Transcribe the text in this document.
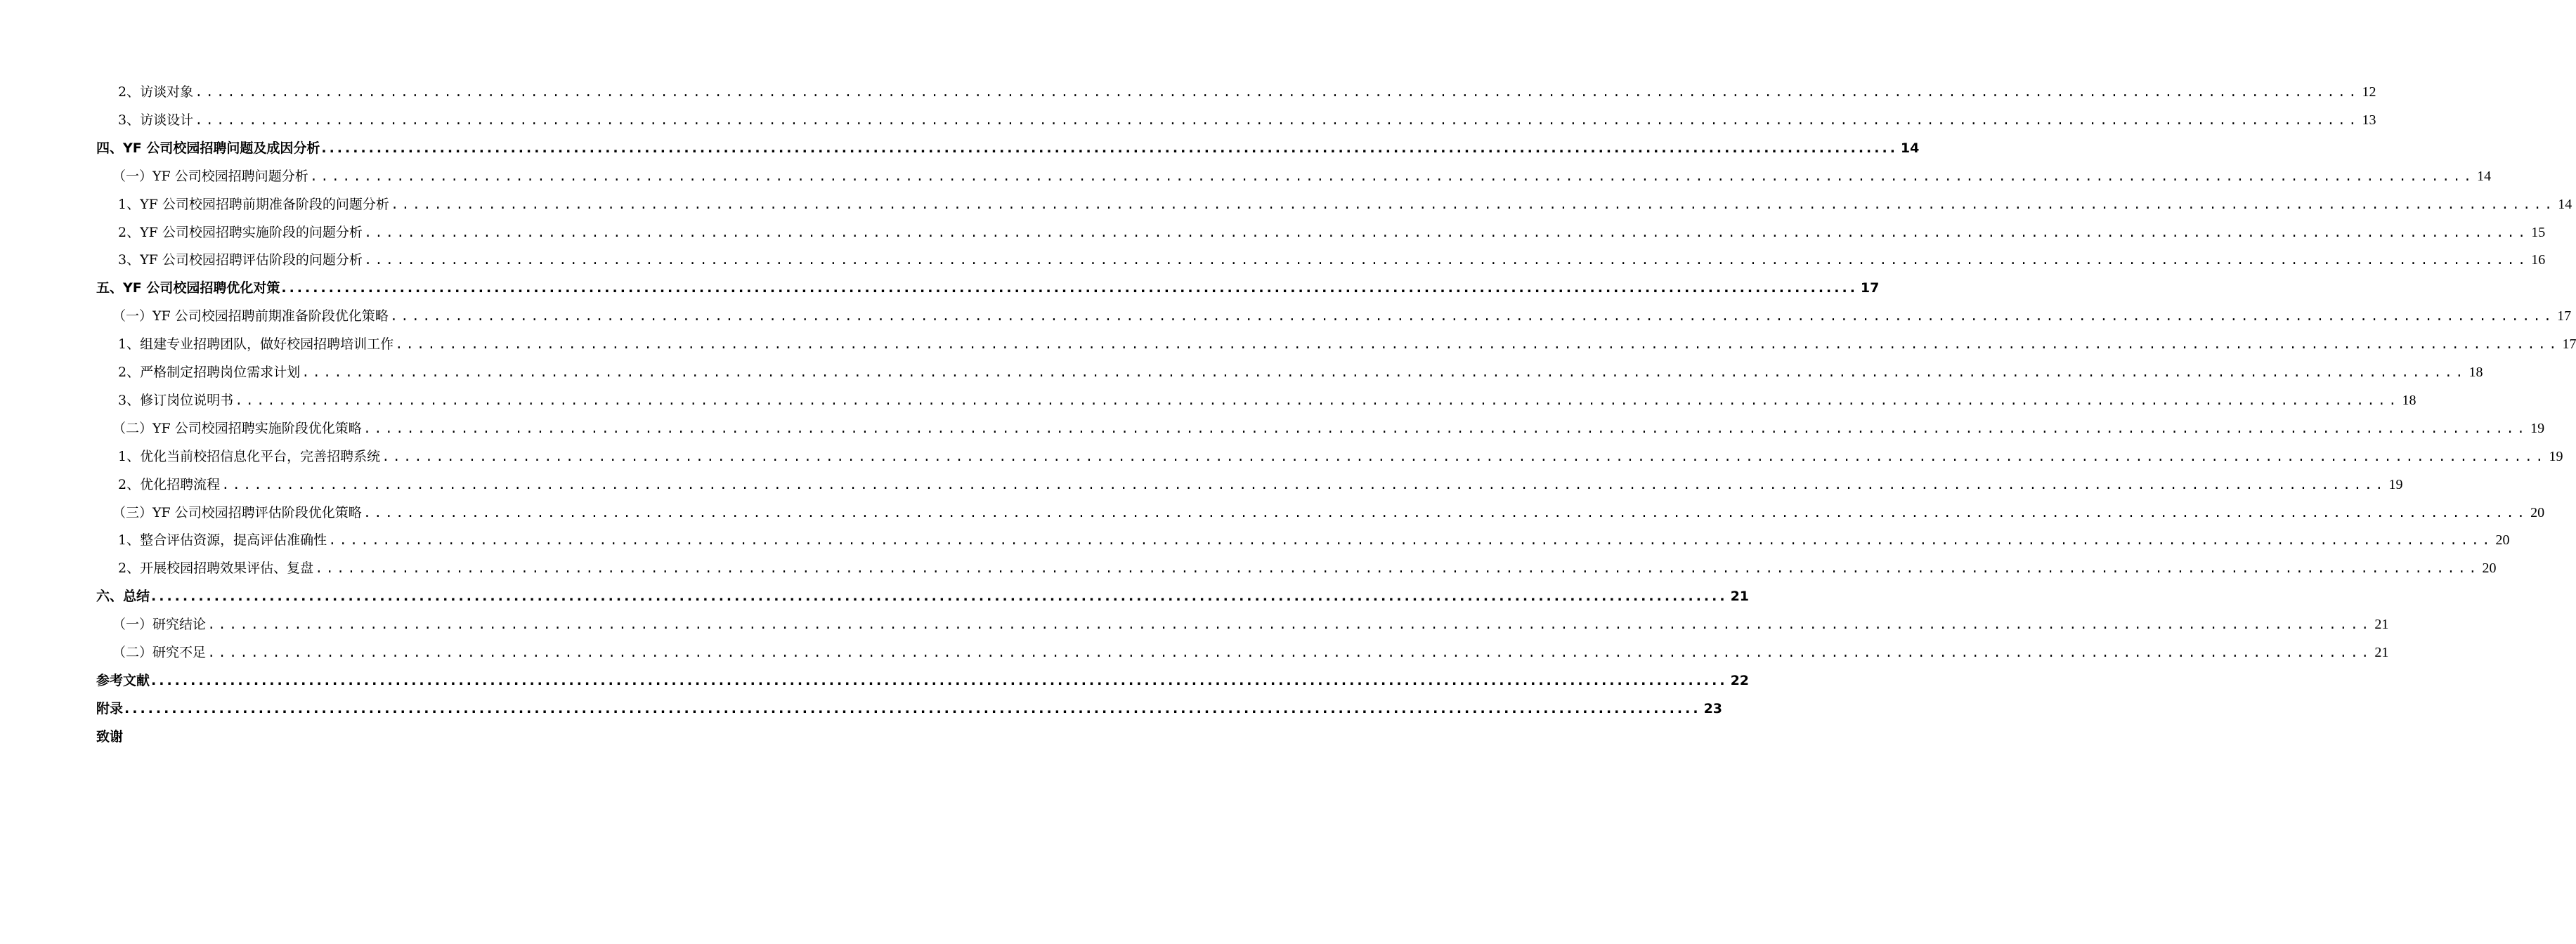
2、访谈对象 ........................................................................................................................................................................................................ 12
3、访谈设计 ........................................................................................................................................................................................................ 13
四、YF 公司校园招聘问题及成因分析 ........................................................................................................................................................................................................ 14
（一）YF 公司校园招聘问题分析 ........................................................................................................................................................................................................ 14
1、YF 公司校园招聘前期准备阶段的问题分析 ........................................................................................................................................................................................................ 14
2、YF 公司校园招聘实施阶段的问题分析 ........................................................................................................................................................................................................ 15
3、YF 公司校园招聘评估阶段的问题分析 ........................................................................................................................................................................................................ 16
五、YF 公司校园招聘优化对策 ........................................................................................................................................................................................................ 17
（一）YF 公司校园招聘前期准备阶段优化策略 ........................................................................................................................................................................................................ 17
1、组建专业招聘团队，做好校园招聘培训工作 ........................................................................................................................................................................................................ 17
2、严格制定招聘岗位需求计划 ........................................................................................................................................................................................................ 18
3、修订岗位说明书 ........................................................................................................................................................................................................ 18
（二）YF 公司校园招聘实施阶段优化策略 ........................................................................................................................................................................................................ 19
1、优化当前校招信息化平台，完善招聘系统 ........................................................................................................................................................................................................ 19
2、优化招聘流程 ........................................................................................................................................................................................................ 19
（三）YF 公司校园招聘评估阶段优化策略 ........................................................................................................................................................................................................ 20
1、整合评估资源，提高评估准确性 ........................................................................................................................................................................................................ 20
2、开展校园招聘效果评估、复盘 ........................................................................................................................................................................................................ 20
六、总结 ........................................................................................................................................................................................................ 21
（一）研究结论 ........................................................................................................................................................................................................ 21
（二）研究不足 ........................................................................................................................................................................................................ 21
参考文献 ........................................................................................................................................................................................................ 22
附录 ........................................................................................................................................................................................................ 23
致谢
